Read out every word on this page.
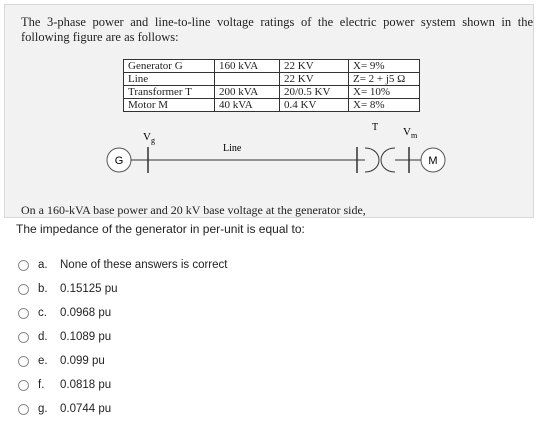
The 3-phase power and line-to-line voltage ratings of the electric power system shown in the following figure are as follows:
Generator G	160 kVA	22 KV	X= 9%
Line		22 KV	Z= 2 + j5 Ω
Transformer T	200 kVA	20/0.5 KV	X= 10%
Motor M	40 kVA	0.4 KV	X= 8%
G
$V_g$
Line
T $V_m$
M
On a 160-kVA base power and 20 kV base voltage at the generator side,
The impedance of the generator in per-unit is equal to:
a.	None of these answers is correct
b.	0.15125 pu
c.	0.0968 pu
d.	0.1089 pu
e.	0.099 pu
f.	0.0818 pu
g.	0.0744 pu
